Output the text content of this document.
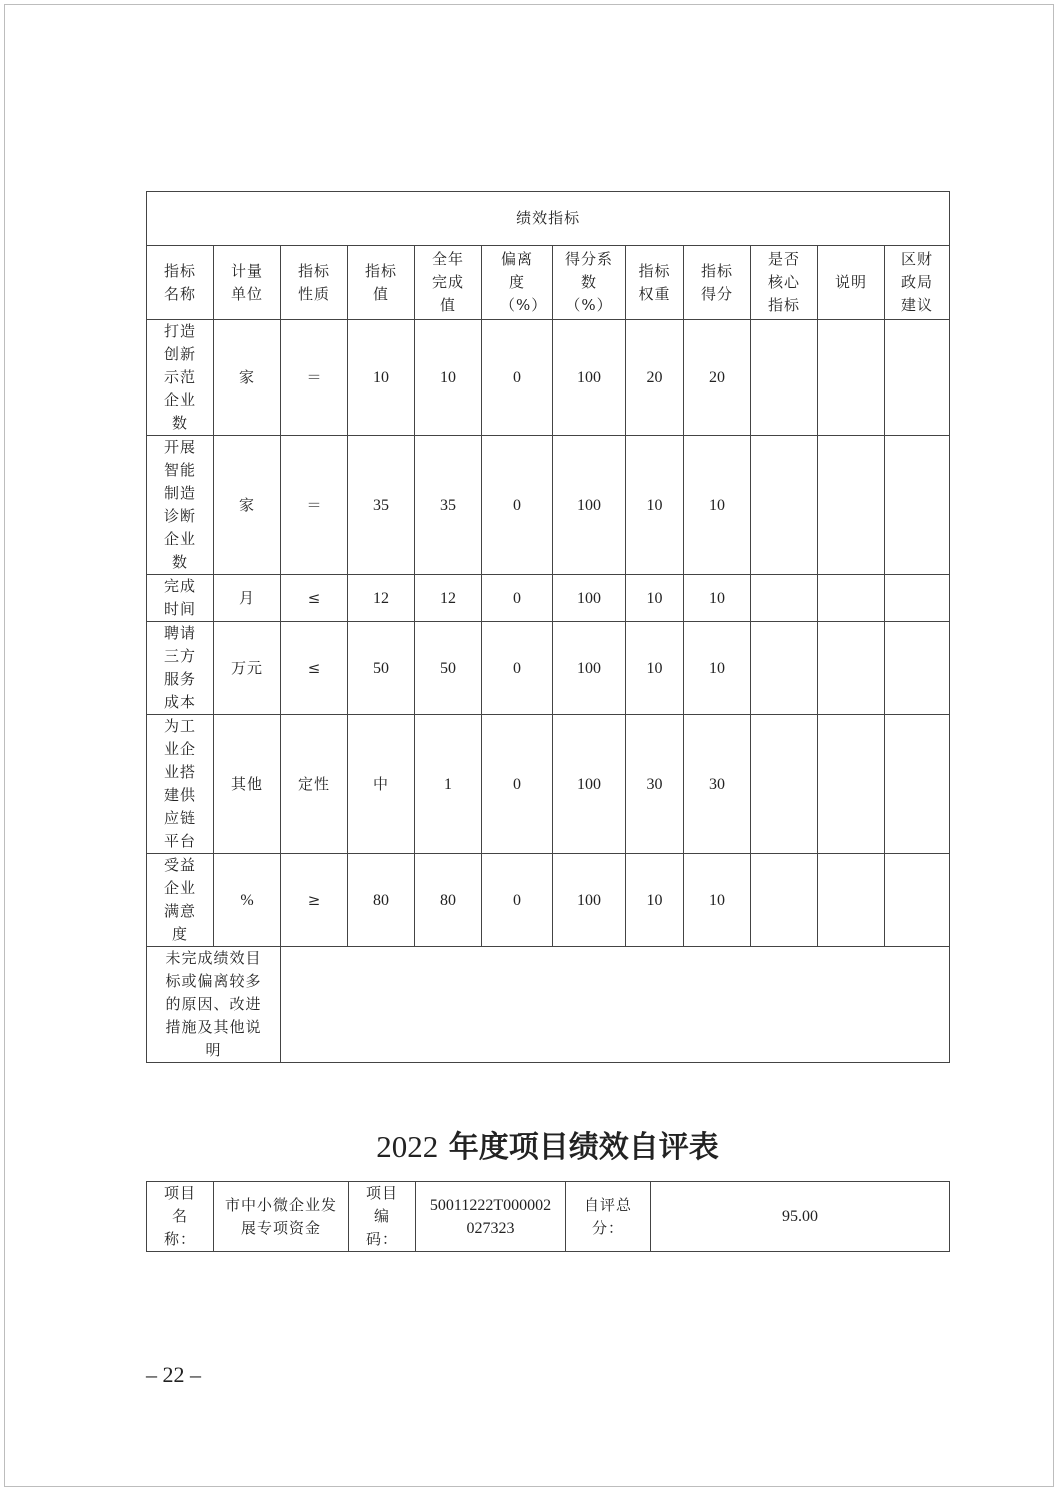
绩效指标											
指标名称	计量单位	指标性质	指标值	全年完成值	偏离度（%）	得分系数（%）	指标权重	指标得分	是否核心指标	说明	区财政局建议
打造创新示范企业数	家	＝	10	10	0	100	20	20			
开展智能制造诊断企业数	家	＝	35	35	0	100	10	10			
完成时间	月	≤	12	12	0	100	10	10			
聘请三方服务成本	万元	≤	50	50	0	100	10	10			
为工业企业搭建供应链平台	其他	定性	中	1	0	100	30	30			
受益企业满意度	%	≥	80	80	0	100	10	10			
未完成绩效目标或偏离较多的原因、改进措施及其他说明											
2022 年度项目绩效自评表
项目名称：	市中小微企业发展专项资金	项目编码：	50011222T000002027323	自评总分：	95.00
– 22 –
